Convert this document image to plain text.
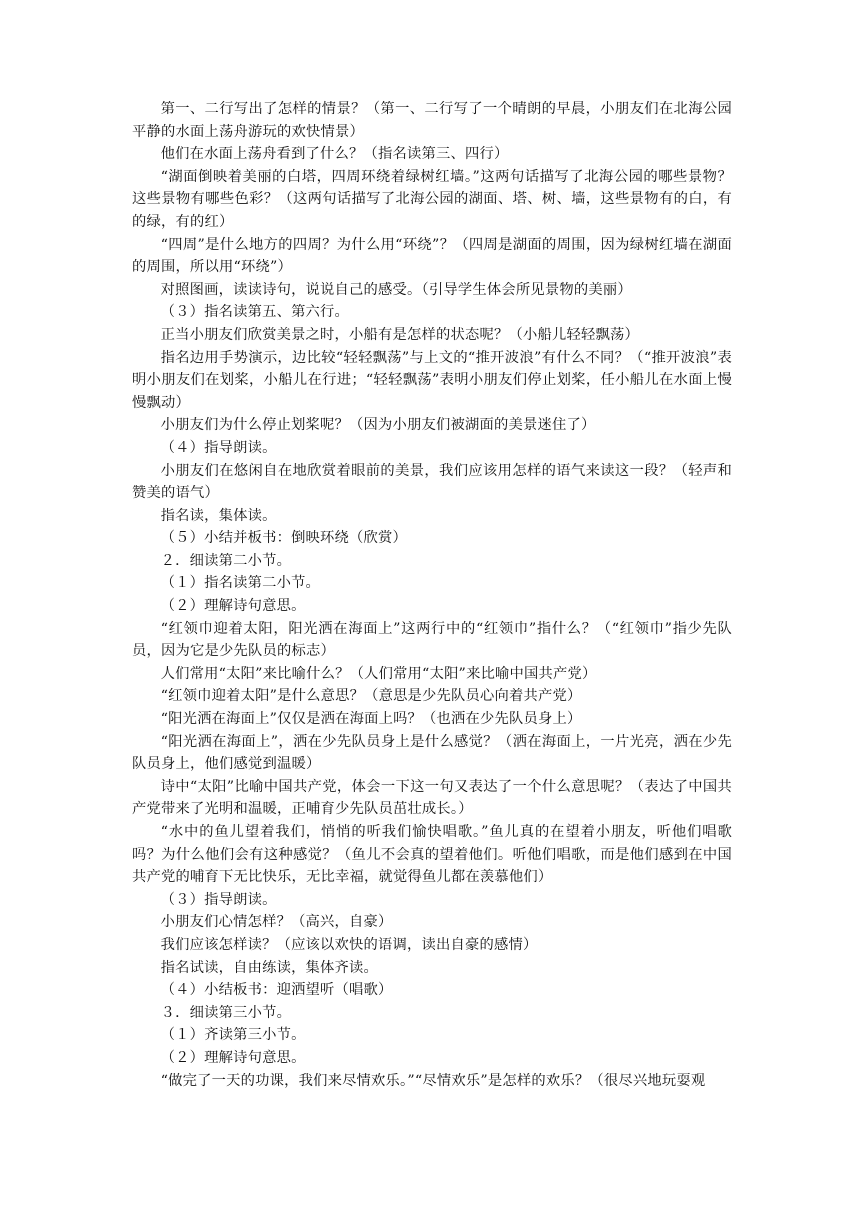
第一、二行写出了怎样的情景？（第一、二行写了一个晴朗的早晨，小朋友们在北海公园平静的水面上荡舟游玩的欢快情景）

他们在水面上荡舟看到了什么？（指名读第三、四行）

“湖面倒映着美丽的白塔，四周环绕着绿树红墙。”这两句话描写了北海公园的哪些景物？这些景物有哪些色彩？（这两句话描写了北海公园的湖面、塔、树、墙，这些景物有的白，有的绿，有的红）

“四周”是什么地方的四周？为什么用“环绕”？（四周是湖面的周围，因为绿树红墙在湖面的周围，所以用“环绕”）

对照图画，读读诗句，说说自己的感受。（引导学生体会所见景物的美丽）

（３）指名读第五、第六行。

正当小朋友们欣赏美景之时，小船有是怎样的状态呢？（小船儿轻轻飘荡）

指名边用手势演示，边比较“轻轻飘荡”与上文的“推开波浪”有什么不同？（“推开波浪”表明小朋友们在划桨，小船儿在行进；“轻轻飘荡”表明小朋友们停止划桨，任小船儿在水面上慢慢飘动）

小朋友们为什么停止划桨呢？（因为小朋友们被湖面的美景迷住了）

（４）指导朗读。

小朋友们在悠闲自在地欣赏着眼前的美景，我们应该用怎样的语气来读这一段？（轻声和赞美的语气）

指名读，集体读。

（５）小结并板书：倒映环绕（欣赏）

２．细读第二小节。

（１）指名读第二小节。

（２）理解诗句意思。

“红领巾迎着太阳，阳光洒在海面上”这两行中的“红领巾”指什么？（“红领巾”指少先队员，因为它是少先队员的标志）

人们常用“太阳”来比喻什么？（人们常用“太阳”来比喻中国共产党）

“红领巾迎着太阳”是什么意思？（意思是少先队员心向着共产党）

“阳光洒在海面上”仅仅是洒在海面上吗？（也洒在少先队员身上）

“阳光洒在海面上”，洒在少先队员身上是什么感觉？（洒在海面上，一片光亮，洒在少先队员身上，他们感觉到温暖）

诗中“太阳”比喻中国共产党，体会一下这一句又表达了一个什么意思呢？（表达了中国共产党带来了光明和温暖，正哺育少先队员茁壮成长。）

“水中的鱼儿望着我们，悄悄的听我们愉快唱歌。”鱼儿真的在望着小朋友，听他们唱歌吗？为什么他们会有这种感觉？（鱼儿不会真的望着他们。听他们唱歌，而是他们感到在中国共产党的哺育下无比快乐，无比幸福，就觉得鱼儿都在羡慕他们）

（３）指导朗读。

小朋友们心情怎样？（高兴，自豪）

我们应该怎样读？（应该以欢快的语调，读出自豪的感情）

指名试读，自由练读，集体齐读。

（４）小结板书：迎洒望听（唱歌）

３．细读第三小节。

（１）齐读第三小节。

（２）理解诗句意思。

“做完了一天的功课，我们来尽情欢乐。”“尽情欢乐”是怎样的欢乐？（很尽兴地玩耍观
